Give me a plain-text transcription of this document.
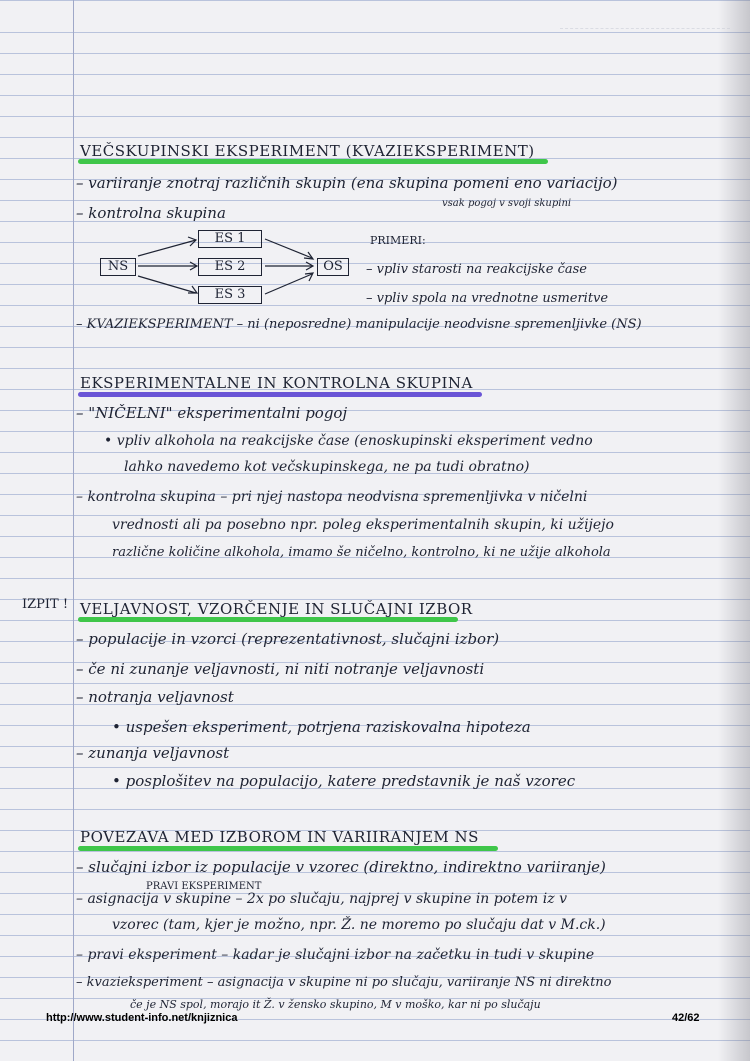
VEČSKUPINSKI EKSPERIMENT (KVAZIEKSPERIMENT)
– variiranje znotraj različnih skupin (ena skupina pomeni eno variacijo)
vsak pogoj v svoji skupini
– kontrolna skupina
NS
ES 1
ES 2
ES 3
OS
PRIMERI:
– vpliv starosti na reakcijske čase
– vpliv spola na vrednotne usmeritve
– KVAZIEKSPERIMENT – ni (neposredne) manipulacije neodvisne spremenljivke (NS)
EKSPERIMENTALNE IN KONTROLNA SKUPINA
– "NIČELNI" eksperimentalni pogoj
• vpliv alkohola na reakcijske čase (enoskupinski eksperiment vedno
lahko navedemo kot večskupinskega, ne pa tudi obratno)
– kontrolna skupina – pri njej nastopa neodvisna spremenljivka v ničelni
vrednosti ali pa posebno npr. poleg eksperimentalnih skupin, ki užijejo
različne količine alkohola, imamo še ničelno, kontrolno, ki ne užije alkohola
IZPIT ! VELJAVNOST, VZORČENJE IN SLUČAJNI IZBOR
– populacije in vzorci (reprezentativnost, slučajni izbor)
– če ni zunanje veljavnosti, ni niti notranje veljavnosti
– notranja veljavnost
• uspešen eksperiment, potrjena raziskovalna hipoteza
– zunanja veljavnost
• posplošitev na populacijo, katere predstavnik je naš vzorec
POVEZAVA MED IZBOROM IN VARIIRANJEM NS
– slučajni izbor iz populacije v vzorec (direktno, indirektno variiranje)
PRAVI EKSPERIMENT
– asignacija v skupine – 2x po slučaju, najprej v skupine in potem iz v
vzorec (tam, kjer je možno, npr. Ž. ne moremo po slučaju dat v M.ck.)
– pravi eksperiment – kadar je slučajni izbor na začetku in tudi v skupine
– kvazieksperiment – asignacija v skupine ni po slučaju, variiranje NS ni direktno
če je NS spol, morajo it Ž. v žensko skupino, M v moško, kar ni po slučaju
http://www.student-info.net/knjiznica	42/62
